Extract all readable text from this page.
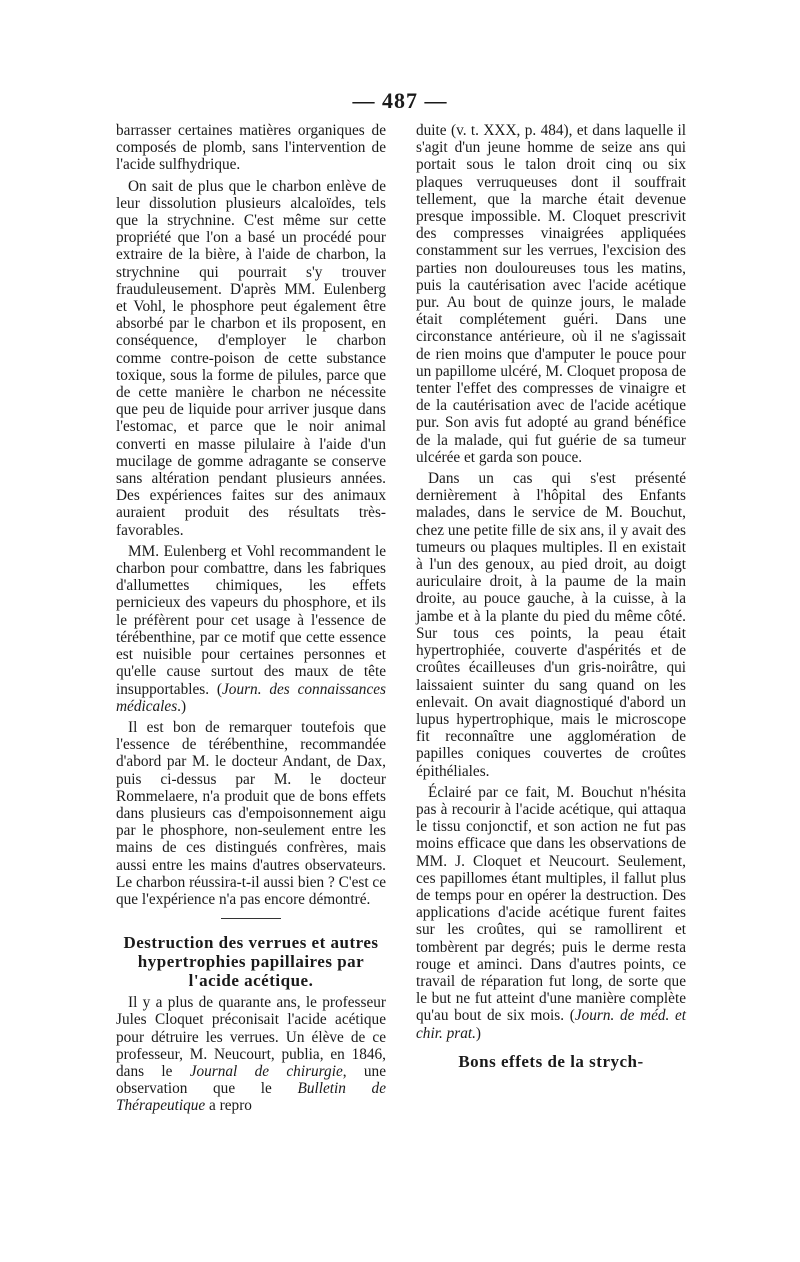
— 487 —

barrasser certaines matières organiques de composés de plomb, sans l'intervention de l'acide sulfhydrique.

On sait de plus que le charbon enlève de leur dissolution plusieurs alcaloïdes, tels que la strychnine. C'est même sur cette propriété que l'on a basé un procédé pour extraire de la bière, à l'aide de charbon, la strychnine qui pourrait s'y trouver frauduleusement. D'après MM. Eulenberg et Vohl, le phosphore peut également être absorbé par le charbon et ils proposent, en conséquence, d'employer le charbon comme contre-poison de cette substance toxique, sous la forme de pilules, parce que de cette manière le charbon ne nécessite que peu de liquide pour arriver jusque dans l'estomac, et parce que le noir animal converti en masse pilulaire à l'aide d'un mucilage de gomme adragante se conserve sans altération pendant plusieurs années. Des expériences faites sur des animaux auraient produit des résultats très-favorables.

MM. Eulenberg et Vohl recommandent le charbon pour combattre, dans les fabriques d'allumettes chimiques, les effets pernicieux des vapeurs du phosphore, et ils le préfèrent pour cet usage à l'essence de térébenthine, par ce motif que cette essence est nuisible pour certaines personnes et qu'elle cause surtout des maux de tête insupportables. (Journ. des connaissances médicales.)

Il est bon de remarquer toutefois que l'essence de térébenthine, recommandée d'abord par M. le docteur Andant, de Dax, puis ci-dessus par M. le docteur Rommelaere, n'a produit que de bons effets dans plusieurs cas d'empoisonnement aigu par le phosphore, non-seulement entre les mains de ces distingués confrères, mais aussi entre les mains d'autres observateurs. Le charbon réussira-t-il aussi bien ? C'est ce que l'expérience n'a pas encore démontré.

Destruction des verrues et autres hypertrophies papillaires par l'acide acétique.

Il y a plus de quarante ans, le professeur Jules Cloquet préconisait l'acide acétique pour détruire les verrues. Un élève de ce professeur, M. Neucourt, publia, en 1846, dans le Journal de chirurgie, une observation que le Bulletin de Thérapeutique a repro

duite (v. t. XXX, p. 484), et dans laquelle il s'agit d'un jeune homme de seize ans qui portait sous le talon droit cinq ou six plaques verruqueuses dont il souffrait tellement, que la marche était devenue presque impossible. M. Cloquet prescrivit des compresses vinaigrées appliquées constamment sur les verrues, l'excision des parties non douloureuses tous les matins, puis la cautérisation avec l'acide acétique pur. Au bout de quinze jours, le malade était complétement guéri. Dans une circonstance antérieure, où il ne s'agissait de rien moins que d'amputer le pouce pour un papillome ulcéré, M. Cloquet proposa de tenter l'effet des compresses de vinaigre et de la cautérisation avec de l'acide acétique pur. Son avis fut adopté au grand bénéfice de la malade, qui fut guérie de sa tumeur ulcérée et garda son pouce.

Dans un cas qui s'est présenté dernièrement à l'hôpital des Enfants malades, dans le service de M. Bouchut, chez une petite fille de six ans, il y avait des tumeurs ou plaques multiples. Il en existait à l'un des genoux, au pied droit, au doigt auriculaire droit, à la paume de la main droite, au pouce gauche, à la cuisse, à la jambe et à la plante du pied du même côté. Sur tous ces points, la peau était hypertrophiée, couverte d'aspérités et de croûtes écailleuses d'un gris-noirâtre, qui laissaient suinter du sang quand on les enlevait. On avait diagnostiqué d'abord un lupus hypertrophique, mais le microscope fit reconnaître une agglomération de papilles coniques couvertes de croûtes épithéliales.

Éclairé par ce fait, M. Bouchut n'hésita pas à recourir à l'acide acétique, qui attaqua le tissu conjonctif, et son action ne fut pas moins efficace que dans les observations de MM. J. Cloquet et Neucourt. Seulement, ces papillomes étant multiples, il fallut plus de temps pour en opérer la destruction. Des applications d'acide acétique furent faites sur les croûtes, qui se ramollirent et tombèrent par degrés; puis le derme resta rouge et aminci. Dans d'autres points, ce travail de réparation fut long, de sorte que le but ne fut atteint d'une manière complète qu'au bout de six mois. (Journ. de méd. et chir. prat.)

Bons effets de la strych-
